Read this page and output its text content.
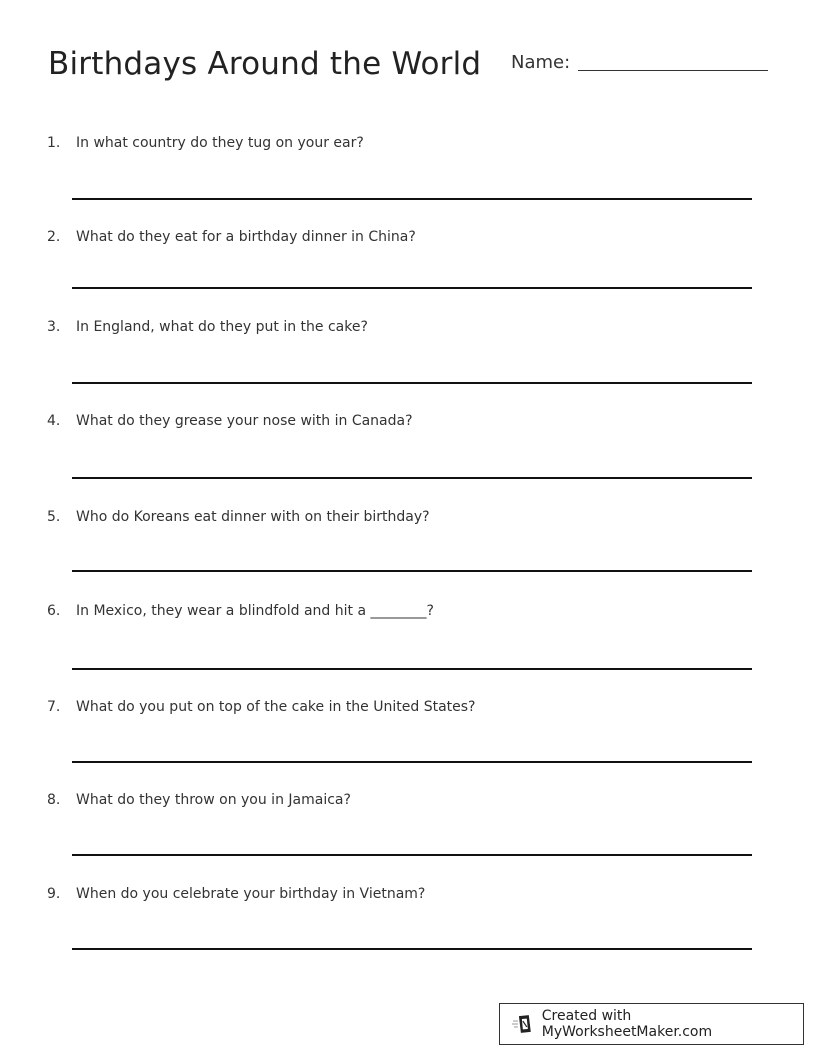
Birthdays Around the World Name:
1.	In what country do they tug on your ear?
2.	What do they eat for a birthday dinner in China?
3.	In England, what do they put in the cake?
4.	What do they grease your nose with in Canada?
5.	Who do Koreans eat dinner with on their birthday?
6.	In Mexico, they wear a blindfold and hit a ________?
7.	What do you put on top of the cake in the United States?
8.	What do they throw on you in Jamaica?
9.	When do you celebrate your birthday in Vietnam?
Created with MyWorksheetMaker.com
